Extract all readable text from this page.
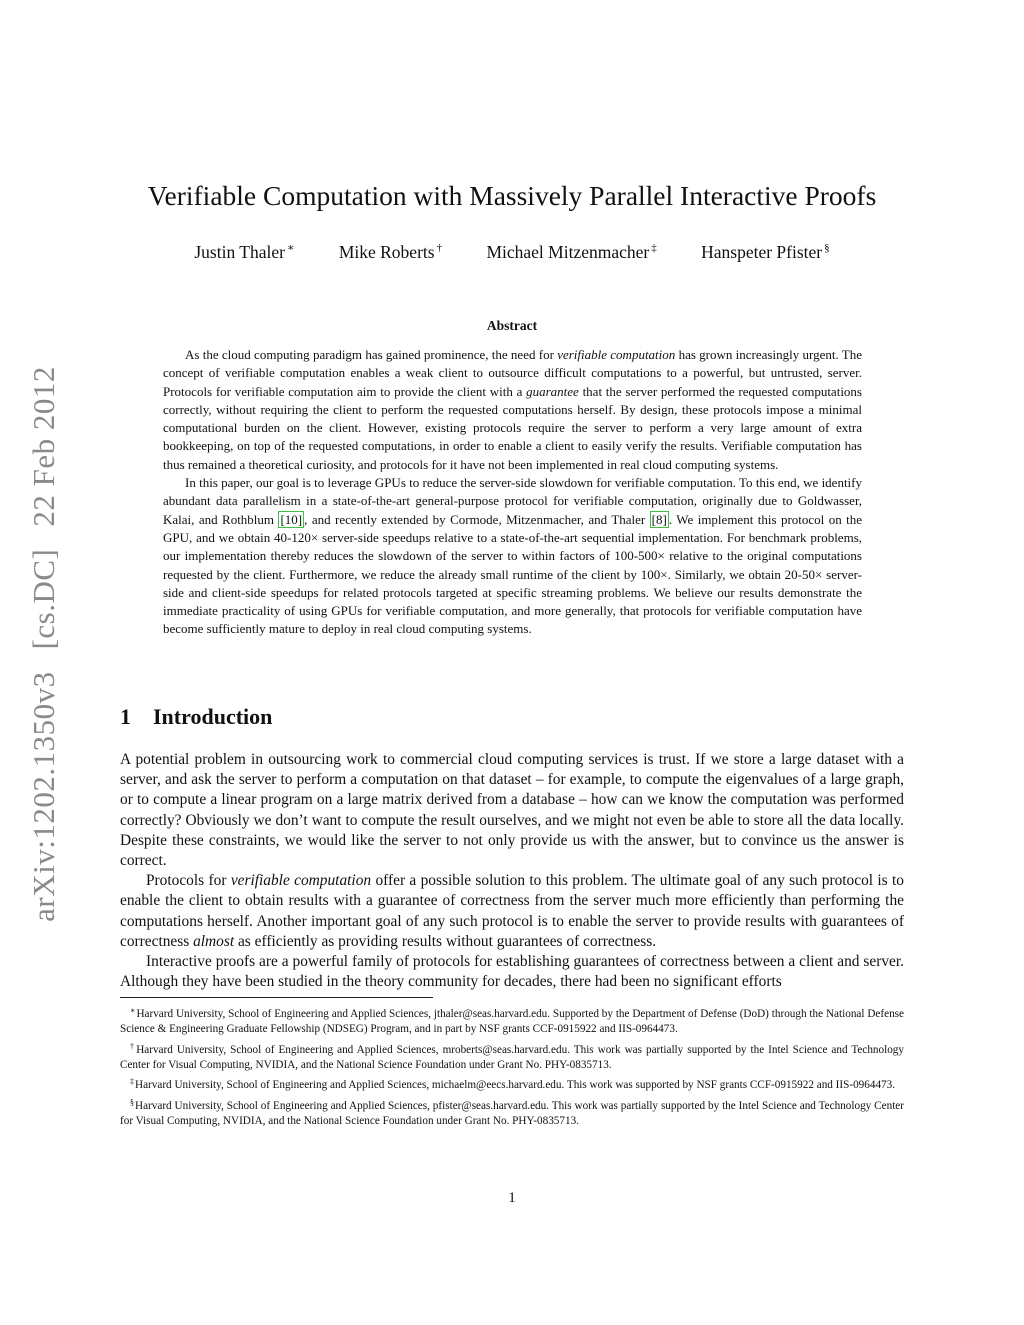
arXiv:1202.1350v3[cs.DC]22 Feb 2012
Verifiable Computation with Massively Parallel Interactive Proofs
Justin Thaler ∗	Mike Roberts †	Michael Mitzenmacher ‡	Hanspeter Pfister §
Abstract

As the cloud computing paradigm has gained prominence, the need for verifiable computation has grown increasingly urgent. The concept of verifiable computation enables a weak client to outsource difficult computations to a powerful, but untrusted, server. Protocols for verifiable computation aim to provide the client with a guarantee that the server performed the requested computations correctly, without requiring the client to perform the requested computations herself. By design, these protocols impose a minimal computational burden on the client. However, existing protocols require the server to perform a very large amount of extra bookkeeping, on top of the requested computations, in order to enable a client to easily verify the results. Verifiable computation has thus remained a theoretical curiosity, and protocols for it have not been implemented in real cloud computing systems.

In this paper, our goal is to leverage GPUs to reduce the server-side slowdown for verifiable computation. To this end, we identify abundant data parallelism in a state-of-the-art general-purpose protocol for verifiable computation, originally due to Goldwasser, Kalai, and Rothblum [10] , and recently extended by Cormode, Mitzenmacher, and Thaler [8] . We implement this protocol on the GPU, and we obtain 40-120× server-side speedups relative to a state-of-the-art sequential implementation. For benchmark problems, our implementation thereby reduces the slowdown of the server to within factors of 100-500× relative to the original computations requested by the client. Furthermore, we reduce the already small runtime of the client by 100×. Similarly, we obtain 20-50× server-side and client-side speedups for related protocols targeted at specific streaming problems. We believe our results demonstrate the immediate practicality of using GPUs for verifiable computation, and more generally, that protocols for verifiable computation have become sufficiently mature to deploy in real cloud computing systems.

1 Introduction

A potential problem in outsourcing work to commercial cloud computing services is trust. If we store a large dataset with a server, and ask the server to perform a computation on that dataset – for example, to compute the eigenvalues of a large graph, or to compute a linear program on a large matrix derived from a database – how can we know the computation was performed correctly? Obviously we don’t want to compute the result ourselves, and we might not even be able to store all the data locally. Despite these constraints, we would like the server to not only provide us with the answer, but to convince us the answer is correct.

Protocols for verifiable computation offer a possible solution to this problem. The ultimate goal of any such protocol is to enable the client to obtain results with a guarantee of correctness from the server much more efficiently than performing the computations herself. Another important goal of any such protocol is to enable the server to provide results with guarantees of correctness almost as efficiently as providing results without guarantees of correctness.

Interactive proofs are a powerful family of protocols for establishing guarantees of correctness between a client and server. Although they have been studied in the theory community for decades, there had been no significant efforts

∗Harvard University, School of Engineering and Applied Sciences, jthaler@seas.harvard.edu. Supported by the Department of Defense (DoD) through the National Defense Science & Engineering Graduate Fellowship (NDSEG) Program, and in part by NSF grants CCF-0915922 and IIS-0964473.

†Harvard University, School of Engineering and Applied Sciences, mroberts@seas.harvard.edu. This work was partially supported by the Intel Science and Technology Center for Visual Computing, NVIDIA, and the National Science Foundation under Grant No. PHY-0835713.

‡Harvard University, School of Engineering and Applied Sciences, michaelm@eecs.harvard.edu. This work was supported by NSF grants CCF-0915922 and IIS-0964473.

§Harvard University, School of Engineering and Applied Sciences, pfister@seas.harvard.edu. This work was partially supported by the Intel Science and Technology Center for Visual Computing, NVIDIA, and the National Science Foundation under Grant No. PHY-0835713.

1
